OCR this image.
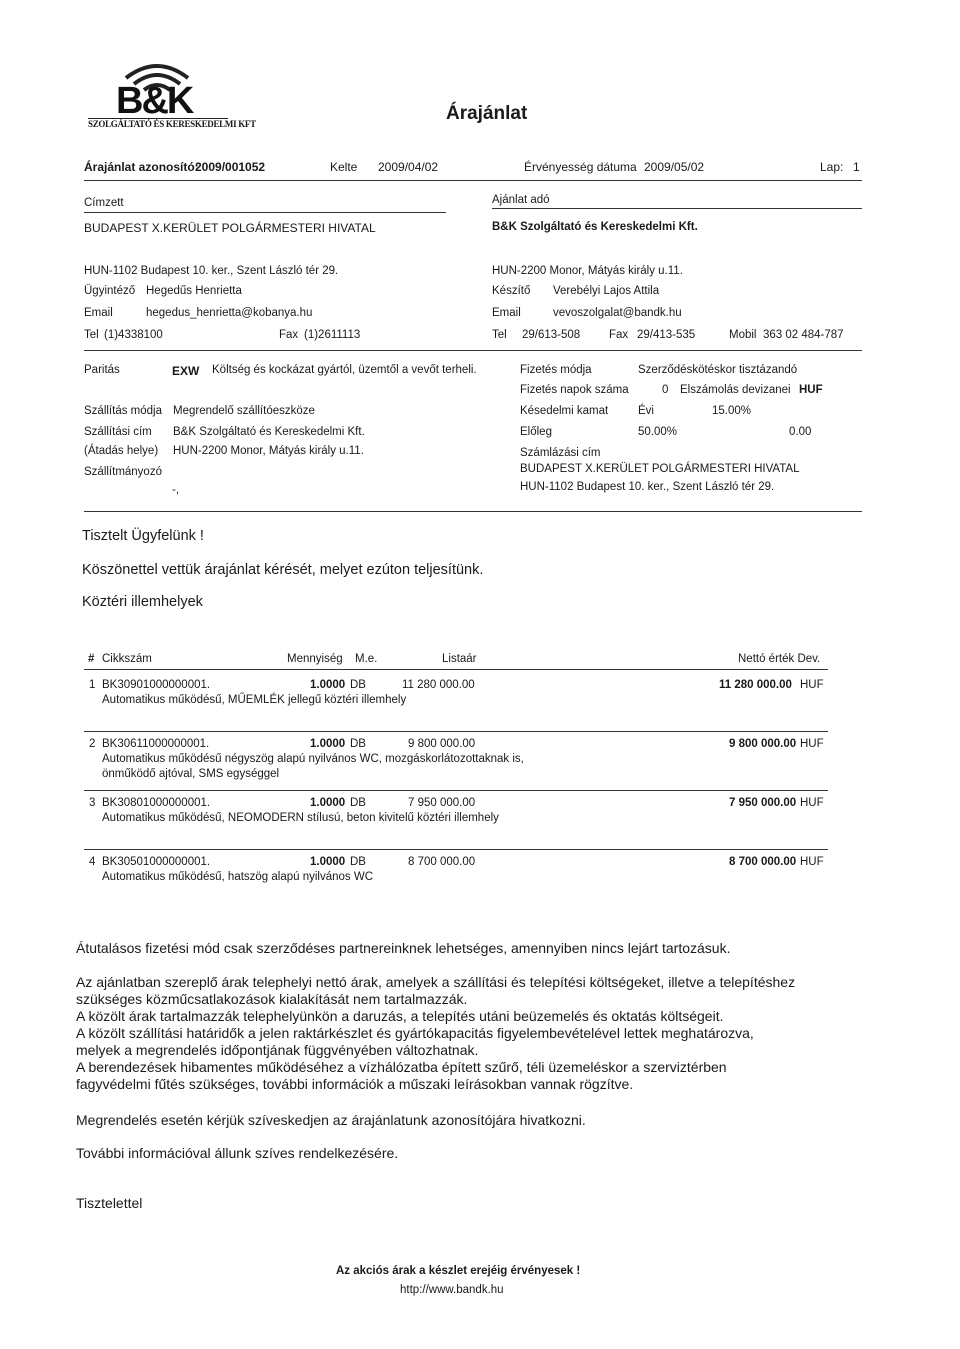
B&K
SZOLGÁLTATÓ ÉS KERESKEDELMI KFT	Árajánlat
Árajánlat azonosító:
2009/001052	Kelte 2009/04/02	Érvényesség dátuma 2009/05/02	Lap: 1
Címzett
BUDAPEST X.KERÜLET POLGÁRMESTERI HIVATAL
HUN-1102 Budapest 10. ker., Szent László tér 29.
Ügyintéző Hegedűs Henrietta
Email	hegedus_henrietta@kobanya.hu
Tel (1)4338100	Fax (1)2611113
Ajánlat adó
B&K Szolgáltató és Kereskedelmi Kft.
HUN-2200 Monor, Mátyás király u.11.
Készítő Verebélyi Lajos Attila
Email	vevoszolgalat@bandk.hu
Tel 29/613-508	Fax 29/413-535	Mobil 363 02 484-787
Paritás	EXW Költség és kockázat gyártól, üzemtől a vevőt terheli.
Szállítás módja Megrendelő szállítóeszköze
Szállítási cím B&K Szolgáltató és Kereskedelmi Kft.
(Átadás helye) HUN-2200 Monor, Mátyás király u.11.
Szállítmányozó
-,
Fizetés módja	Szerződéskötéskor tisztázandó
Fizetés napok száma	0 Elszámolás devizanei HUF
Késedelmi kamat	Évi	15.00%
Előleg	50.00%	0.00
Számlázási cím
BUDAPEST X.KERÜLET POLGÁRMESTERI HIVATAL
HUN-1102 Budapest 10. ker., Szent László tér 29.
Tisztelt Ügyfelünk !
Köszönettel vettük árajánlat kérését, melyet ezúton teljesítünk.
Köztéri illemhelyek
# Cikkszám	Mennyiség M.e.	Listaár	Nettó érték Dev.
1 BK30901000000001.	1.0000 DB	11 280 000.00	11 280 000.00 HUF
Automatikus működésű, MŰEMLÉK jellegű köztéri illemhely
2 BK30611000000001.	1.0000 DB	9 800 000.00	9 800 000.00 HUF
Automatikus működésű négyszög alapú nyilvános WC, mozgáskorlátozottaknak is,
önműködő ajtóval, SMS egységgel
3 BK30801000000001.	1.0000 DB	7 950 000.00	7 950 000.00 HUF
Automatikus működésű, NEOMODERN stílusú, beton kivitelű köztéri illemhely
4 BK30501000000001.	1.0000 DB	8 700 000.00	8 700 000.00 HUF
Automatikus működésű, hatszög alapú nyilvános WC
Átutalásos fizetési mód csak szerződéses partnereinknek lehetséges, amennyiben nincs lejárt tartozásuk.
Az ajánlatban szereplő árak telephelyi nettó árak, amelyek a szállítási és telepítési költségeket, illetve a telepítéshez
szükséges közműcsatlakozások kialakítását nem tartalmazzák.
A közölt árak tartalmazzák telephelyünkön a daruzás, a telepítés utáni beüzemelés és oktatás költségeit.
A közölt szállítási határidők a jelen raktárkészlet és gyártókapacitás figyelembevételével lettek meghatározva,
melyek a megrendelés időpontjának függvényében változhatnak.
A berendezések hibamentes működéséhez a vízhálózatba épített szűrő, téli üzemeléskor a szerviztérben
fagyvédelmi fűtés szükséges, további információk a műszaki leírásokban vannak rögzítve.
Megrendelés esetén kérjük szíveskedjen az árajánlatunk azonosítójára hivatkozni.
További információval állunk szíves rendelkezésére.
Tisztelettel
Az akciós árak a készlet erejéig érvényesek !
http://www.bandk.hu
